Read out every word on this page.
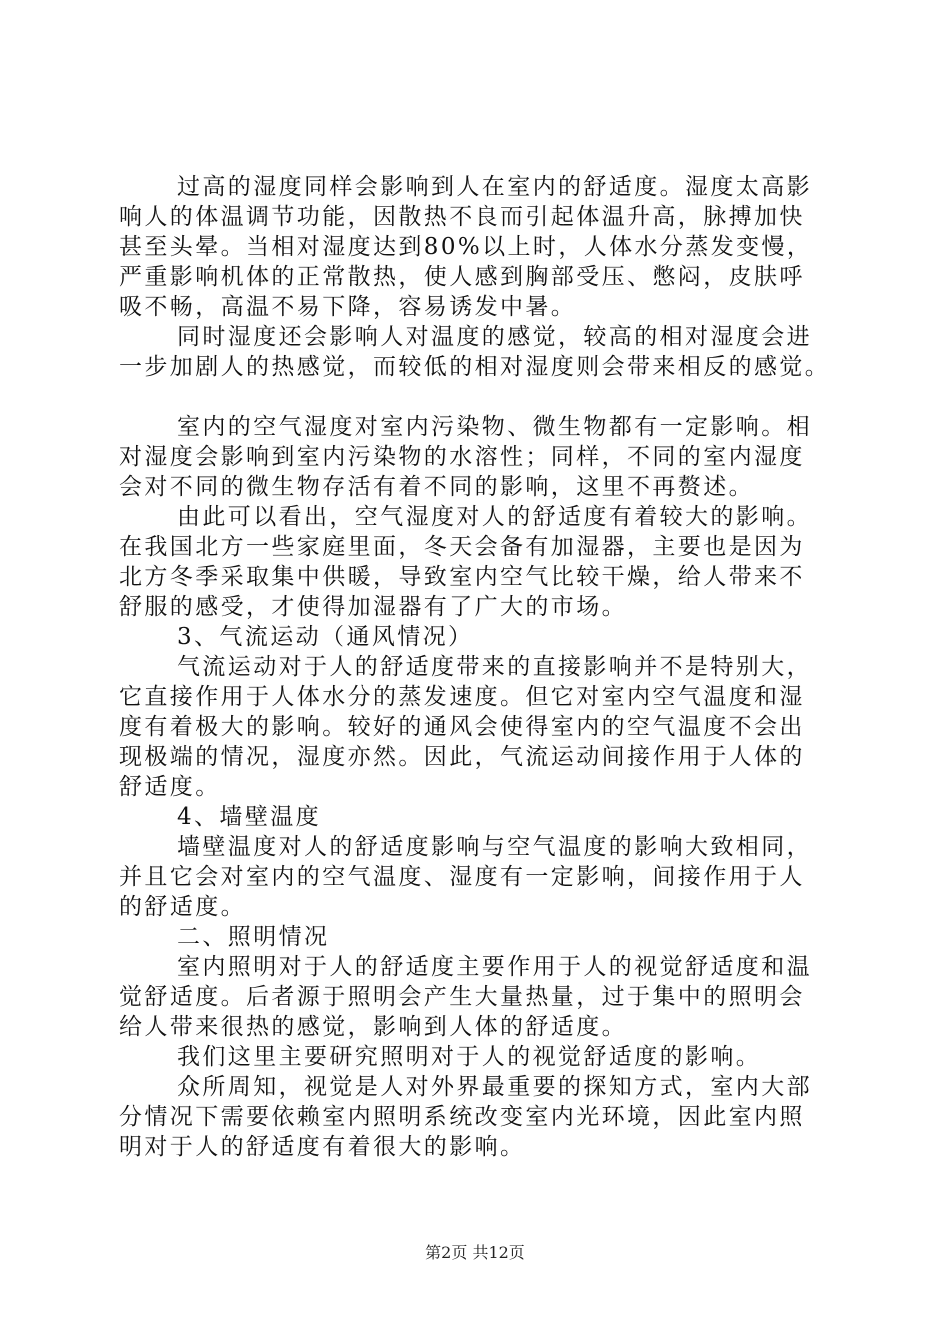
过高的湿度同样会影响到人在室内的舒适度。湿度太高影
响人的体温调节功能，因散热不良而引起体温升高，脉搏加快
甚至头晕。当相对湿度达到80%以上时，人体水分蒸发变慢，
严重影响机体的正常散热，使人感到胸部受压、憋闷，皮肤呼
吸不畅，高温不易下降，容易诱发中暑。
同时湿度还会影响人对温度的感觉，较高的相对湿度会进
一步加剧人的热感觉，而较低的相对湿度则会带来相反的感觉。
室内的空气湿度对室内污染物、微生物都有一定影响。相
对湿度会影响到室内污染物的水溶性；同样，不同的室内湿度
会对不同的微生物存活有着不同的影响，这里不再赘述。
由此可以看出，空气湿度对人的舒适度有着较大的影响。
在我国北方一些家庭里面，冬天会备有加湿器，主要也是因为
北方冬季采取集中供暖，导致室内空气比较干燥，给人带来不
舒服的感受，才使得加湿器有了广大的市场。
3、气流运动（通风情况）
气流运动对于人的舒适度带来的直接影响并不是特别大，
它直接作用于人体水分的蒸发速度。但它对室内空气温度和湿
度有着极大的影响。较好的通风会使得室内的空气温度不会出
现极端的情况，湿度亦然。因此，气流运动间接作用于人体的
舒适度。
4、墙壁温度
墙壁温度对人的舒适度影响与空气温度的影响大致相同，
并且它会对室内的空气温度、湿度有一定影响，间接作用于人
的舒适度。
二、照明情况
室内照明对于人的舒适度主要作用于人的视觉舒适度和温
觉舒适度。后者源于照明会产生大量热量，过于集中的照明会
给人带来很热的感觉，影响到人体的舒适度。
我们这里主要研究照明对于人的视觉舒适度的影响。
众所周知，视觉是人对外界最重要的探知方式，室内大部
分情况下需要依赖室内照明系统改变室内光环境，因此室内照
明对于人的舒适度有着很大的影响。
第2页 共12页
